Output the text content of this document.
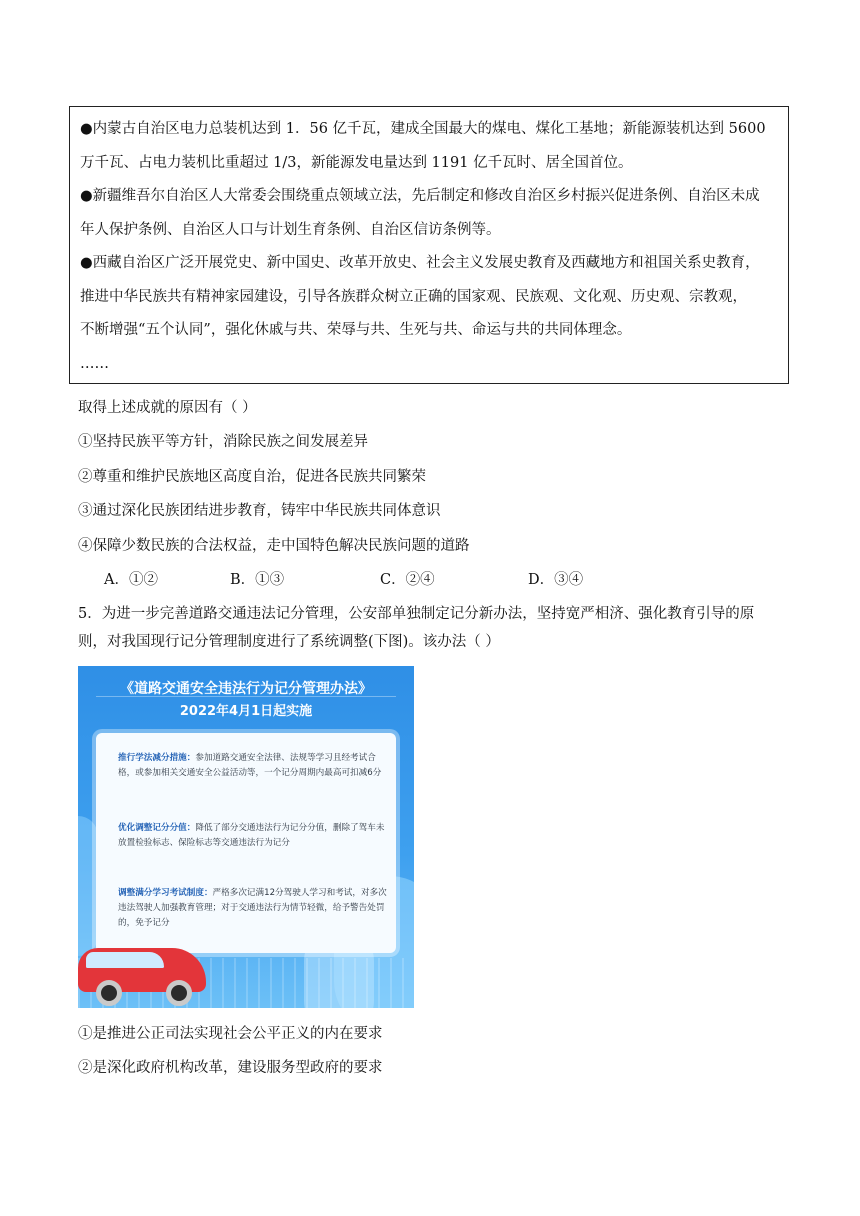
●内蒙古自治区电力总装机达到 1．56 亿千瓦，建成全国最大的煤电、煤化工基地；新能源装机达到 5600
万千瓦、占电力装机比重超过 1/3，新能源发电量达到 1191 亿千瓦时、居全国首位。
●新疆维吾尔自治区人大常委会围绕重点领域立法，先后制定和修改自治区乡村振兴促进条例、自治区未成
年人保护条例、自治区人口与计划生育条例、自治区信访条例等。
●西藏自治区广泛开展党史、新中国史、改革开放史、社会主义发展史教育及西藏地方和祖国关系史教育，
推进中华民族共有精神家园建设，引导各族群众树立正确的国家观、民族观、文化观、历史观、宗教观，
不断增强“五个认同”，强化休戚与共、荣辱与共、生死与共、命运与共的共同体理念。
……
取得上述成就的原因有（ ）
①坚持民族平等方针，消除民族之间发展差异
②尊重和维护民族地区高度自治，促进各民族共同繁荣
③通过深化民族团结进步教育，铸牢中华民族共同体意识
④保障少数民族的合法权益，走中国特色解决民族问题的道路
A．①②	B．①③	C．②④	D．③④
5．为进一步完善道路交通违法记分管理，公安部单独制定记分新办法，坚持宽严相济、强化教育引导的原
则，对我国现行记分管理制度进行了系统调整(下图)。该办法（ ）
《道路交通安全违法行为记分管理办法》
2022年4月1日起实施
推行学法减分措施：参加道路交通安全法律、法规等学习且经考试合格，或参加相关交通安全公益活动等，一个记分周期内最高可扣减6分
优化调整记分分值：降低了部分交通违法行为记分分值，删除了驾车未放置检验标志、保险标志等交通违法行为记分
调整满分学习考试制度：严格多次记满12分驾驶人学习和考试，对多次违法驾驶人加强教育管理；对于交通违法行为情节轻微，给予警告处罚的，免予记分
①是推进公正司法实现社会公平正义的内在要求
②是深化政府机构改革，建设服务型政府的要求
